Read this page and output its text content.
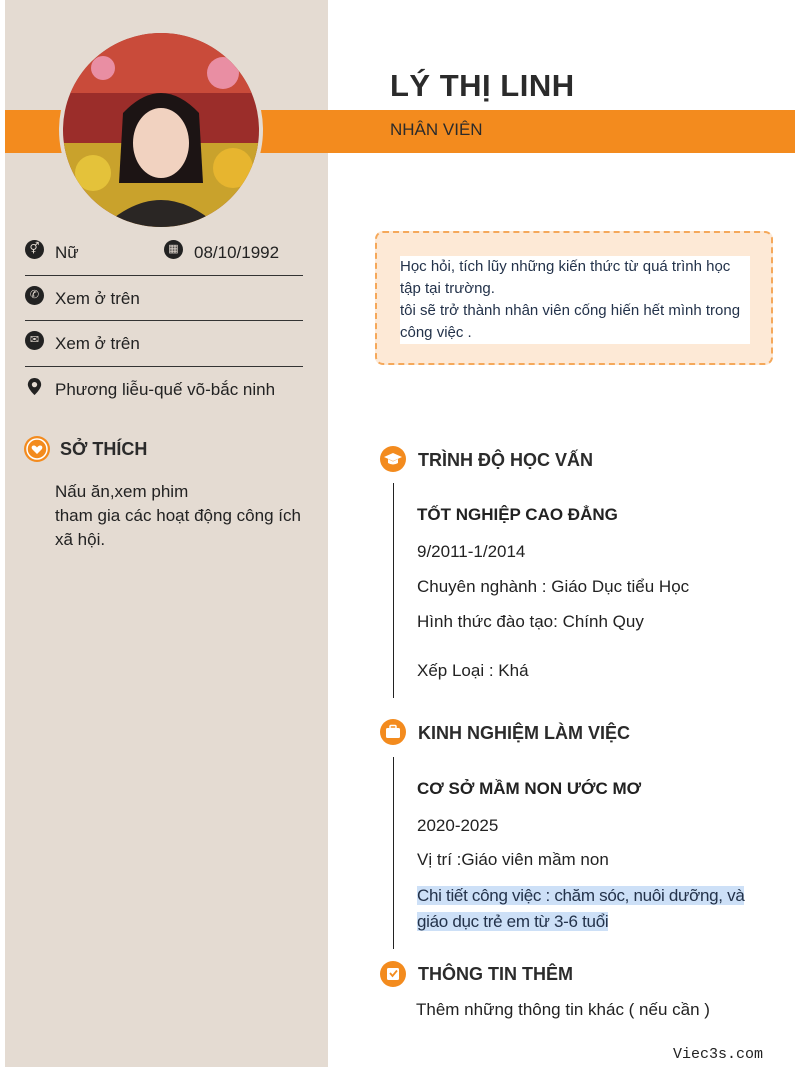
LÝ THỊ LINH
NHÂN VIÊN
⚥ Nữ	▦ 08/10/1992
✆ Xem ở trên
✉ Xem ở trên
Phương liễu-quế võ-bắc ninh
SỞ THÍCH
Nấu ăn,xem phim
tham gia các hoạt động công ích xã hội.
Học hỏi, tích lũy những kiến thức từ quá trình học tập tại trường.
tôi sẽ trở thành nhân viên cống hiến hết mình trong công việc .
TRÌNH ĐỘ HỌC VẤN
TỐT NGHIỆP CAO ĐẲNG
9/2011-1/2014
Chuyên nghành : Giáo Dục tiểu Học
Hình thức đào tạo: Chính Quy
Xếp Loại : Khá
KINH NGHIỆM LÀM VIỆC
CƠ SỞ MẦM NON ƯỚC MƠ
2020-2025
Vị trí :Giáo viên mầm non
Chi tiết công việc : chăm sóc, nuôi dưỡng, và giáo dục trẻ em từ 3-6 tuổi
THÔNG TIN THÊM
Thêm những thông tin khác ( nếu cần )
Viec3s.com
